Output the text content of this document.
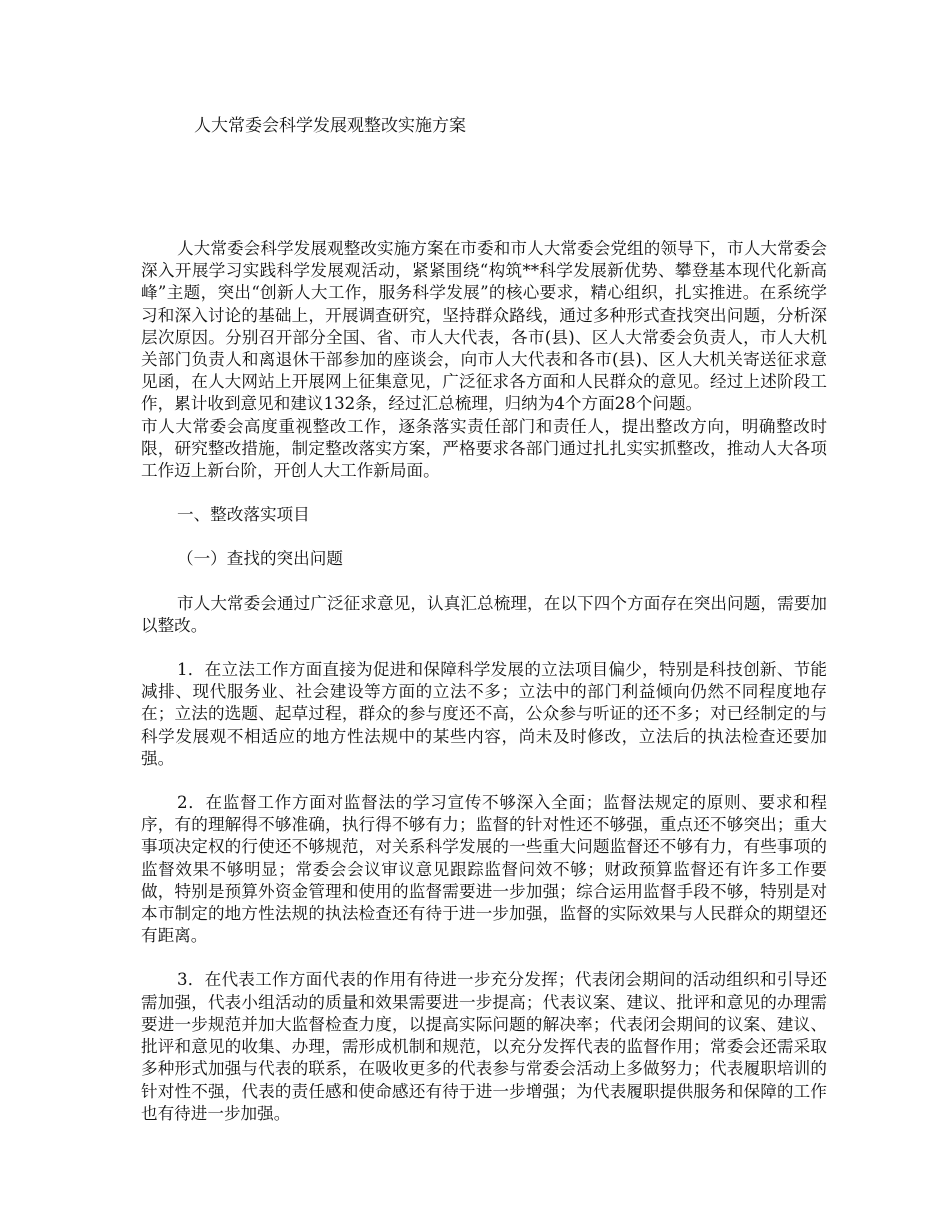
人大常委会科学发展观整改实施方案

人大常委会科学发展观整改实施方案在市委和市人大常委会党组的领导下，市人大常委会深入开展学习实践科学发展观活动，紧紧围绕“构筑**科学发展新优势、攀登基本现代化新高峰”主题，突出“创新人大工作，服务科学发展”的核心要求，精心组织，扎实推进。在系统学习和深入讨论的基础上，开展调查研究，坚持群众路线，通过多种形式查找突出问题，分析深层次原因。分别召开部分全国、省、市人大代表，各市(县)、区人大常委会负责人，市人大机关部门负责人和离退休干部参加的座谈会，向市人大代表和各市(县)、区人大机关寄送征求意见函，在人大网站上开展网上征集意见，广泛征求各方面和人民群众的意见。经过上述阶段工作，累计收到意见和建议132条，经过汇总梳理，归纳为4个方面28个问题。

市人大常委会高度重视整改工作，逐条落实责任部门和责任人，提出整改方向，明确整改时限，研究整改措施，制定整改落实方案，严格要求各部门通过扎扎实实抓整改，推动人大各项工作迈上新台阶，开创人大工作新局面。

一、整改落实项目

（一）查找的突出问题

市人大常委会通过广泛征求意见，认真汇总梳理，在以下四个方面存在突出问题，需要加以整改。

1．在立法工作方面直接为促进和保障科学发展的立法项目偏少，特别是科技创新、节能减排、现代服务业、社会建设等方面的立法不多；立法中的部门利益倾向仍然不同程度地存在；立法的选题、起草过程，群众的参与度还不高，公众参与听证的还不多；对已经制定的与科学发展观不相适应的地方性法规中的某些内容，尚未及时修改，立法后的执法检查还要加强。

2．在监督工作方面对监督法的学习宣传不够深入全面；监督法规定的原则、要求和程序，有的理解得不够准确，执行得不够有力；监督的针对性还不够强，重点还不够突出；重大事项决定权的行使还不够规范，对关系科学发展的一些重大问题监督还不够有力，有些事项的监督效果不够明显；常委会会议审议意见跟踪监督问效不够；财政预算监督还有许多工作要做，特别是预算外资金管理和使用的监督需要进一步加强；综合运用监督手段不够，特别是对本市制定的地方性法规的执法检查还有待于进一步加强，监督的实际效果与人民群众的期望还有距离。

3．在代表工作方面代表的作用有待进一步充分发挥；代表闭会期间的活动组织和引导还需加强，代表小组活动的质量和效果需要进一步提高；代表议案、建议、批评和意见的办理需要进一步规范并加大监督检查力度，以提高实际问题的解决率；代表闭会期间的议案、建议、批评和意见的收集、办理，需形成机制和规范，以充分发挥代表的监督作用；常委会还需采取多种形式加强与代表的联系，在吸收更多的代表参与常委会活动上多做努力；代表履职培训的针对性不强，代表的责任感和使命感还有待于进一步增强；为代表履职提供服务和保障的工作也有待进一步加强。
